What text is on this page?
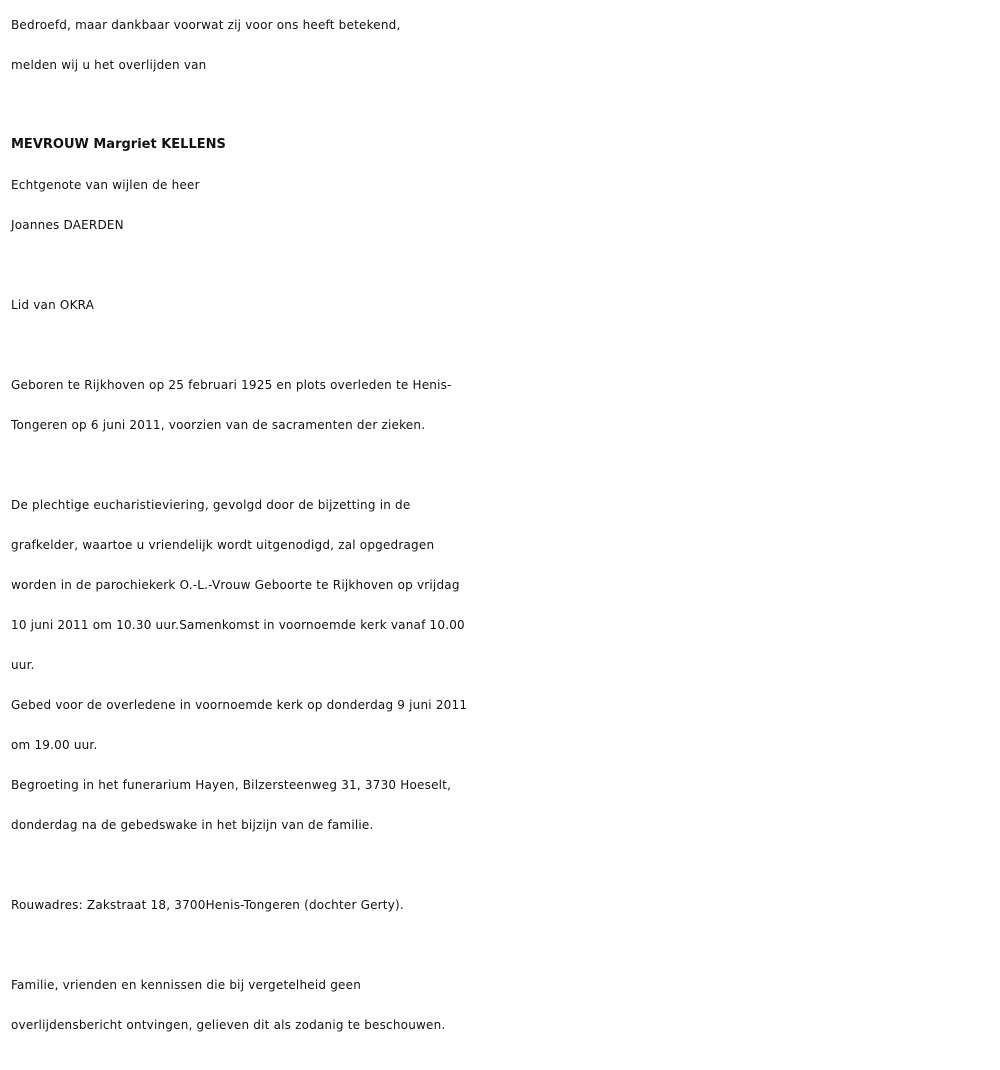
Bedroefd, maar dankbaar voorwat zij voor ons heeft betekend,
melden wij u het overlijden van
MEVROUW Margriet KELLENS
Echtgenote van wijlen de heer
Joannes DAERDEN
Lid van OKRA
Geboren te Rijkhoven op 25 februari 1925 en plots overleden te Henis-
Tongeren op 6 juni 2011, voorzien van de sacramenten der zieken.
De plechtige eucharistieviering, gevolgd door de bijzetting in de
grafkelder, waartoe u vriendelijk wordt uitgenodigd, zal opgedragen
worden in de parochiekerk O.-L.-Vrouw Geboorte te Rijkhoven op vrijdag
10 juni 2011 om 10.30 uur.Samenkomst in voornoemde kerk vanaf 10.00
uur.
Gebed voor de overledene in voornoemde kerk op donderdag 9 juni 2011
om 19.00 uur.
Begroeting in het funerarium Hayen, Bilzersteenweg 31, 3730 Hoeselt,
donderdag na de gebedswake in het bijzijn van de familie.
Rouwadres: Zakstraat 18, 3700Henis-Tongeren (dochter Gerty).
Familie, vrienden en kennissen die bij vergetelheid geen
overlijdensbericht ontvingen, gelieven dit als zodanig te beschouwen.
